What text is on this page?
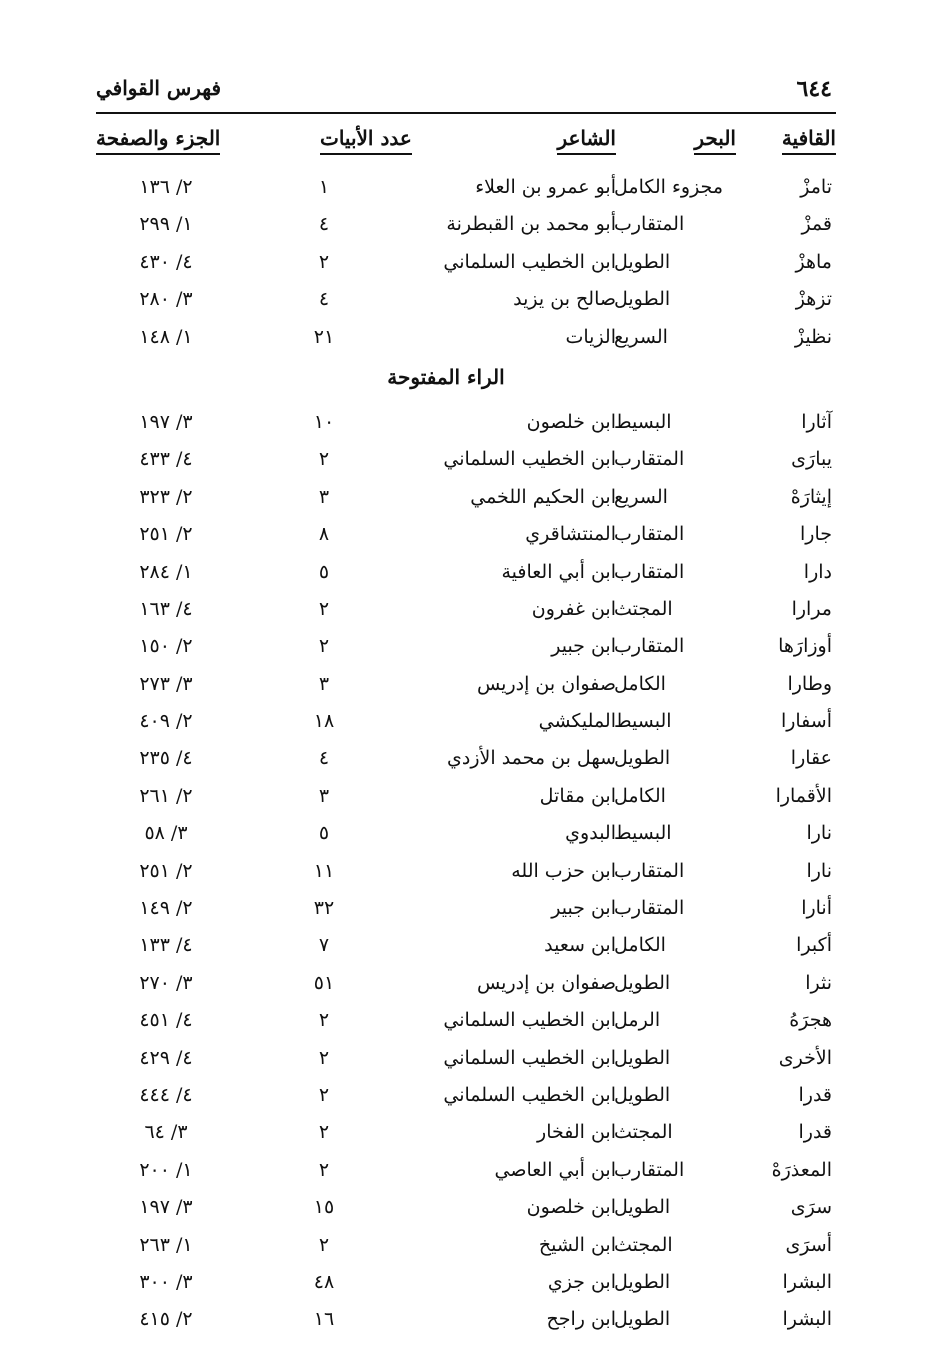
٦٤٤
فهرس القوافي
القافية
البحر
الشاعر
عدد الأبيات
الجزء والصفحة
تامزْ
مجزوء الكامل
أبو عمرو بن العلاء
١
٢/ ١٣٦
قمزْ
المتقارب
أبو محمد بن القبطرنة
٤
١/ ٢٩٩
ماهزْ
الطويل
ابن الخطيب السلماني
٢
٤/ ٤٣٠
تزهزْ
الطويل
صالح بن يزيد
٤
٣/ ٢٨٠
نظيزْ
السريع
الزيات
٢١
١/ ١٤٨
الراء المفتوحة
آثارا
البسيط
ابن خلصون
١٠
٣/ ١٩٧
يبارَى
المتقارب
ابن الخطيب السلماني
٢
٤/ ٤٣٣
إيثارَهْ
السريع
ابن الحكيم اللخمي
٣
٢/ ٣٢٣
جارا
المتقارب
المنتشاقري
٨
٢/ ٢٥١
دارا
المتقارب
ابن أبي العافية
٥
١/ ٢٨٤
مرارا
المجتث
ابن غفرون
٢
٤/ ١٦٣
أوزارَها
المتقارب
ابن جبير
٢
٢/ ١٥٠
وطارا
الكامل
صفوان بن إدريس
٣
٣/ ٢٧٣
أسفارا
البسيط
المليكشي
١٨
٢/ ٤٠٩
عقارا
الطويل
سهل بن محمد الأزدي
٤
٤/ ٢٣٥
الأقمارا
الكامل
ابن مقاتل
٣
٢/ ٢٦١
نارا
البسيط
البدوي
٥
٣/ ٥٨
نارا
المتقارب
ابن حزب الله
١١
٢/ ٢٥١
أنارا
المتقارب
ابن جبير
٣٢
٢/ ١٤٩
أكبرا
الكامل
ابن سعيد
٧
٤/ ١٣٣
نثرا
الطويل
صفوان بن إدريس
٥١
٣/ ٢٧٠
هجرَهُ
الرمل
ابن الخطيب السلماني
٢
٤/ ٤٥١
الأخرى
الطويل
ابن الخطيب السلماني
٢
٤/ ٤٢٩
قدرا
الطويل
ابن الخطيب السلماني
٢
٤/ ٤٤٤
قدرا
المجتث
ابن الفخار
٢
٣/ ٦٤
المعذرَهْ
المتقارب
ابن أبي العاصي
٢
١/ ٢٠٠
سرَى
الطويل
ابن خلصون
١٥
٣/ ١٩٧
أسرَى
المجتث
ابن الشيخ
٢
١/ ٢٦٣
البشرا
الطويل
ابن جزي
٤٨
٣/ ٣٠٠
البشرا
الطويل
ابن راجح
١٦
٢/ ٤١٥
